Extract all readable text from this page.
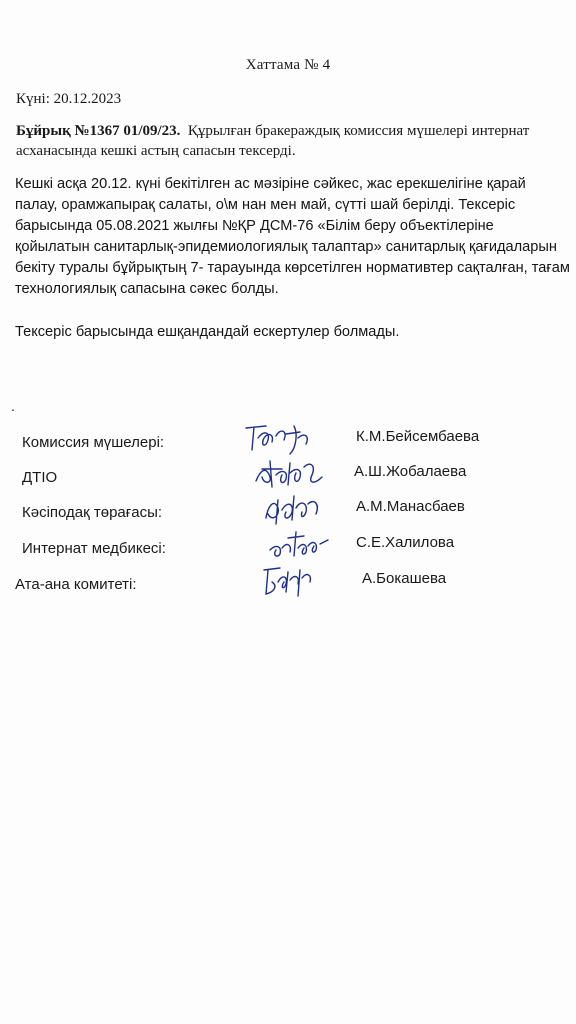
Хаттама № 4
Күні: 20.12.2023
Бұйрық №1367 01/09/23. Құрылған бракераждық комиссия мүшелері интернат асханасында кешкі астың сапасын тексерді.
Кешкі асқа 20.12. күні бекітілген ас мәзіріне сәйкес, жас ерекшелігіне қарай палау, орамжапырақ салаты, о\м нан мен май, сүтті шай берілді. Тексеріс барысында 05.08.2021 жылғы №ҚР ДСМ-76 «Білім беру объектілеріне қойылатын санитарлық-эпидемиологиялық талаптар» санитарлық қағидаларын бекіту туралы бұйрықтың 7- тарауында көрсетілген нормативтер сақталған, тағам технологиялық сапасына сәкес болды.
Тексеріс барысында ешқандандай ескертулер болмады.
.
Комиссия мүшелері:	К.М.Бейсембаева
ДТІО	А.Ш.Жобалаева
Кәсіподақ төрағасы:	А.М.Манасбаев
Интернат медбикесі:	С.Е.Халилова
Ата-ана комитеті:	А.Бокашева
